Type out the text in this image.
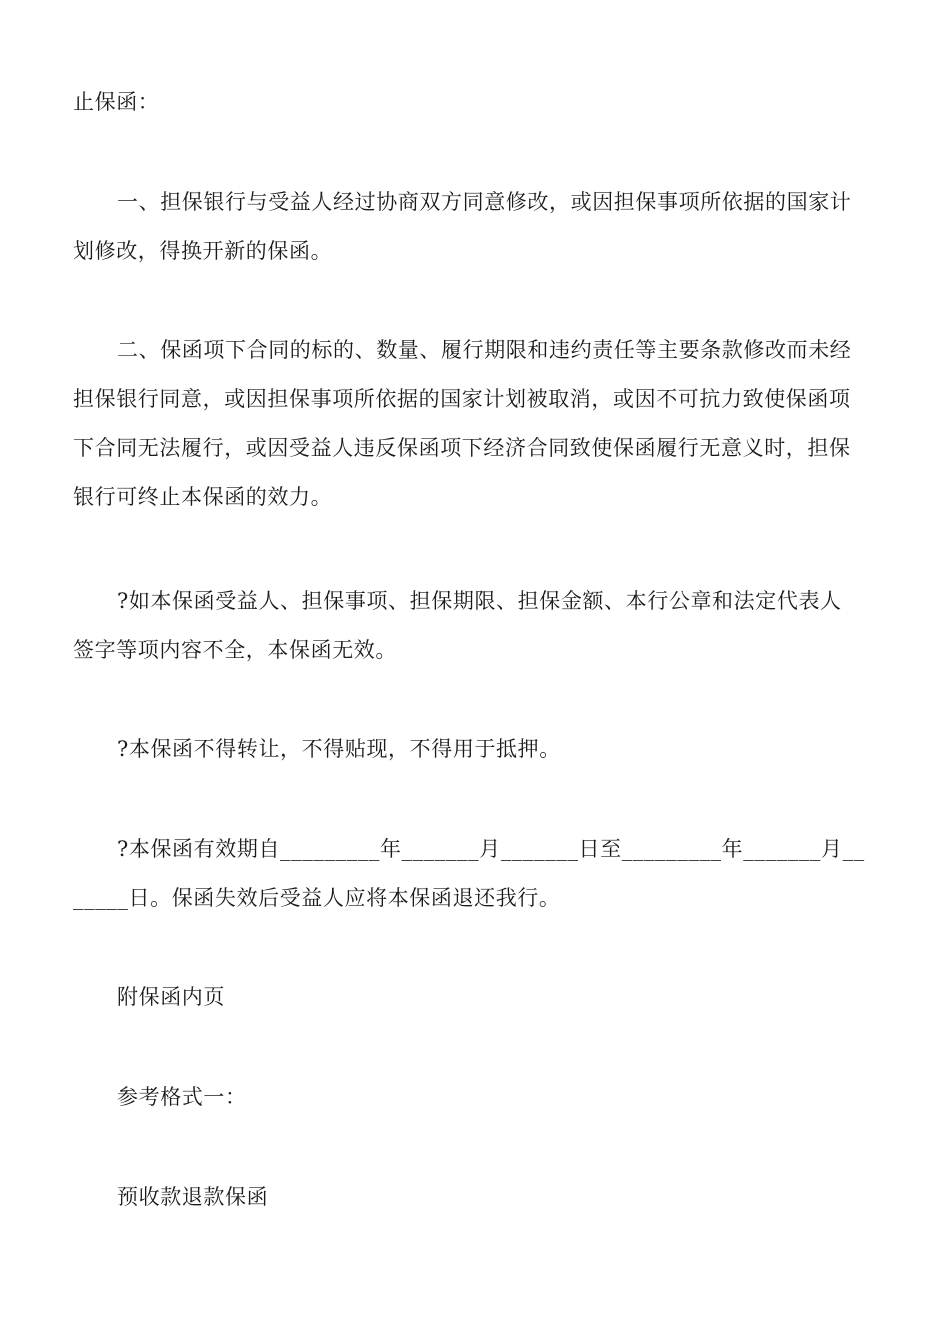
止保函：
一、担保银行与受益人经过协商双方同意修改，或因担保事项所依据的国家计
划修改，得换开新的保函。
二、保函项下合同的标的、数量、履行期限和违约责任等主要条款修改而未经
担保银行同意，或因担保事项所依据的国家计划被取消，或因不可抗力致使保函项
下合同无法履行，或因受益人违反保函项下经济合同致使保函履行无意义时，担保
银行可终止本保函的效力。
?如本保函受益人、担保事项、担保期限、担保金额、本行公章和法定代表人
签字等项内容不全，本保函无效。
?本保函不得转让，不得贴现，不得用于抵押。
?本保函有效期自_________年_______月_______日至_________年_______月__
_____日。保函失效后受益人应将本保函退还我行。
附保函内页
参考格式一：
预收款退款保函
